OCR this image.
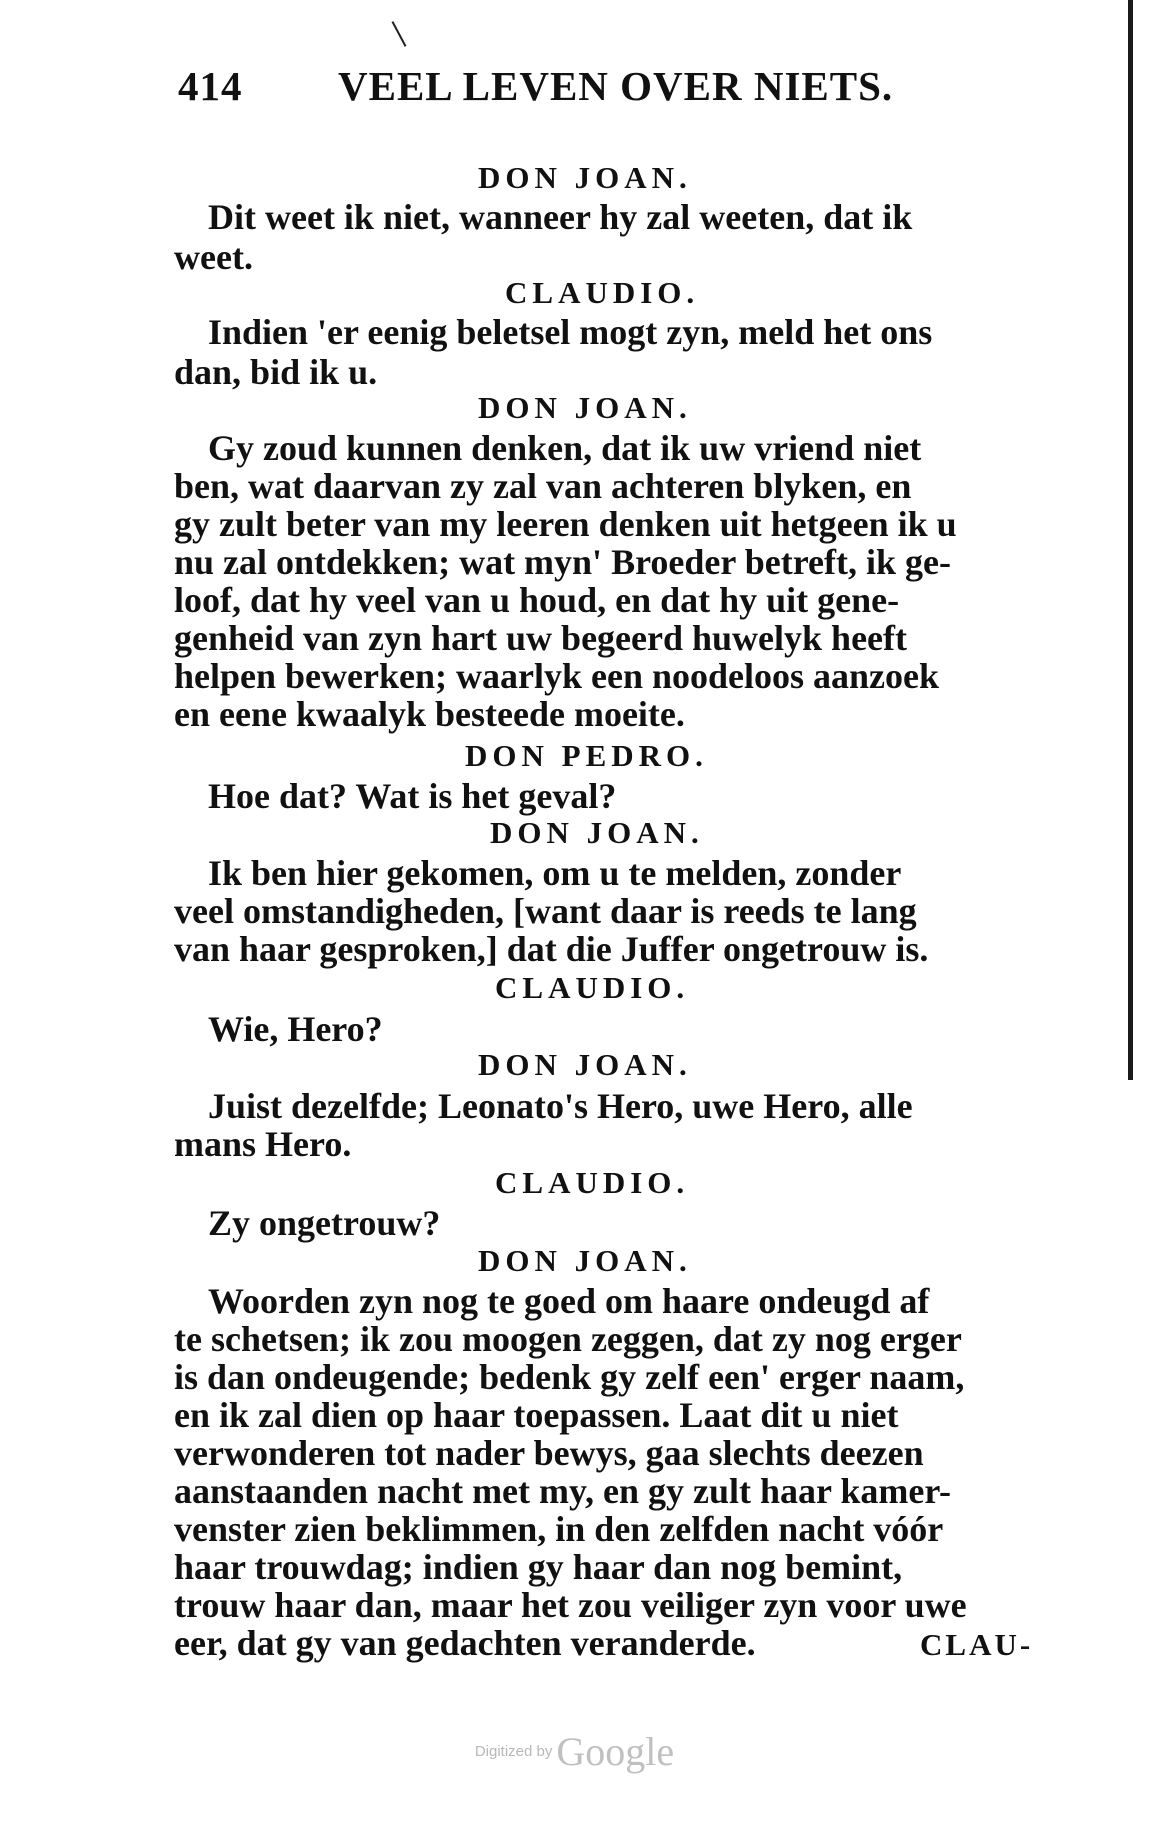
414 VEEL LEVEN OVER NIETS.
DON JOAN.
Dit weet ik niet, wanneer hy zal weeten, dat ik
weet.
CLAUDIO.
Indien 'er eenig beletsel mogt zyn, meld het ons
dan, bid ik u.
DON JOAN.
Gy zoud kunnen denken, dat ik uw vriend niet
ben, wat daarvan zy zal van achteren blyken, en
gy zult beter van my leeren denken uit hetgeen ik u
nu zal ontdekken; wat myn' Broeder betreft, ik ge-
loof, dat hy veel van u houd, en dat hy uit gene-
genheid van zyn hart uw begeerd huwelyk heeft
helpen bewerken; waarlyk een noodeloos aanzoek
en eene kwaalyk besteede moeite.
DON PEDRO.
Hoe dat? Wat is het geval?
DON JOAN.
Ik ben hier gekomen, om u te melden, zonder
veel omstandigheden, [want daar is reeds te lang
van haar gesproken,] dat die Juffer ongetrouw is.
CLAUDIO.
Wie, Hero?
DON JOAN.
Juist dezelfde; Leonato's Hero, uwe Hero, alle
mans Hero.
CLAUDIO.
Zy ongetrouw?
DON JOAN.
Woorden zyn nog te goed om haare ondeugd af
te schetsen; ik zou moogen zeggen, dat zy nog erger
is dan ondeugende; bedenk gy zelf een' erger naam,
en ik zal dien op haar toepassen. Laat dit u niet
verwonderen tot nader bewys, gaa slechts deezen
aanstaanden nacht met my, en gy zult haar kamer-
venster zien beklimmen, in den zelfden nacht vóór
haar trouwdag; indien gy haar dan nog bemint,
trouw haar dan, maar het zou veiliger zyn voor uwe
eer, dat gy van gedachten veranderde.	CLAU-
Digitized by Google
